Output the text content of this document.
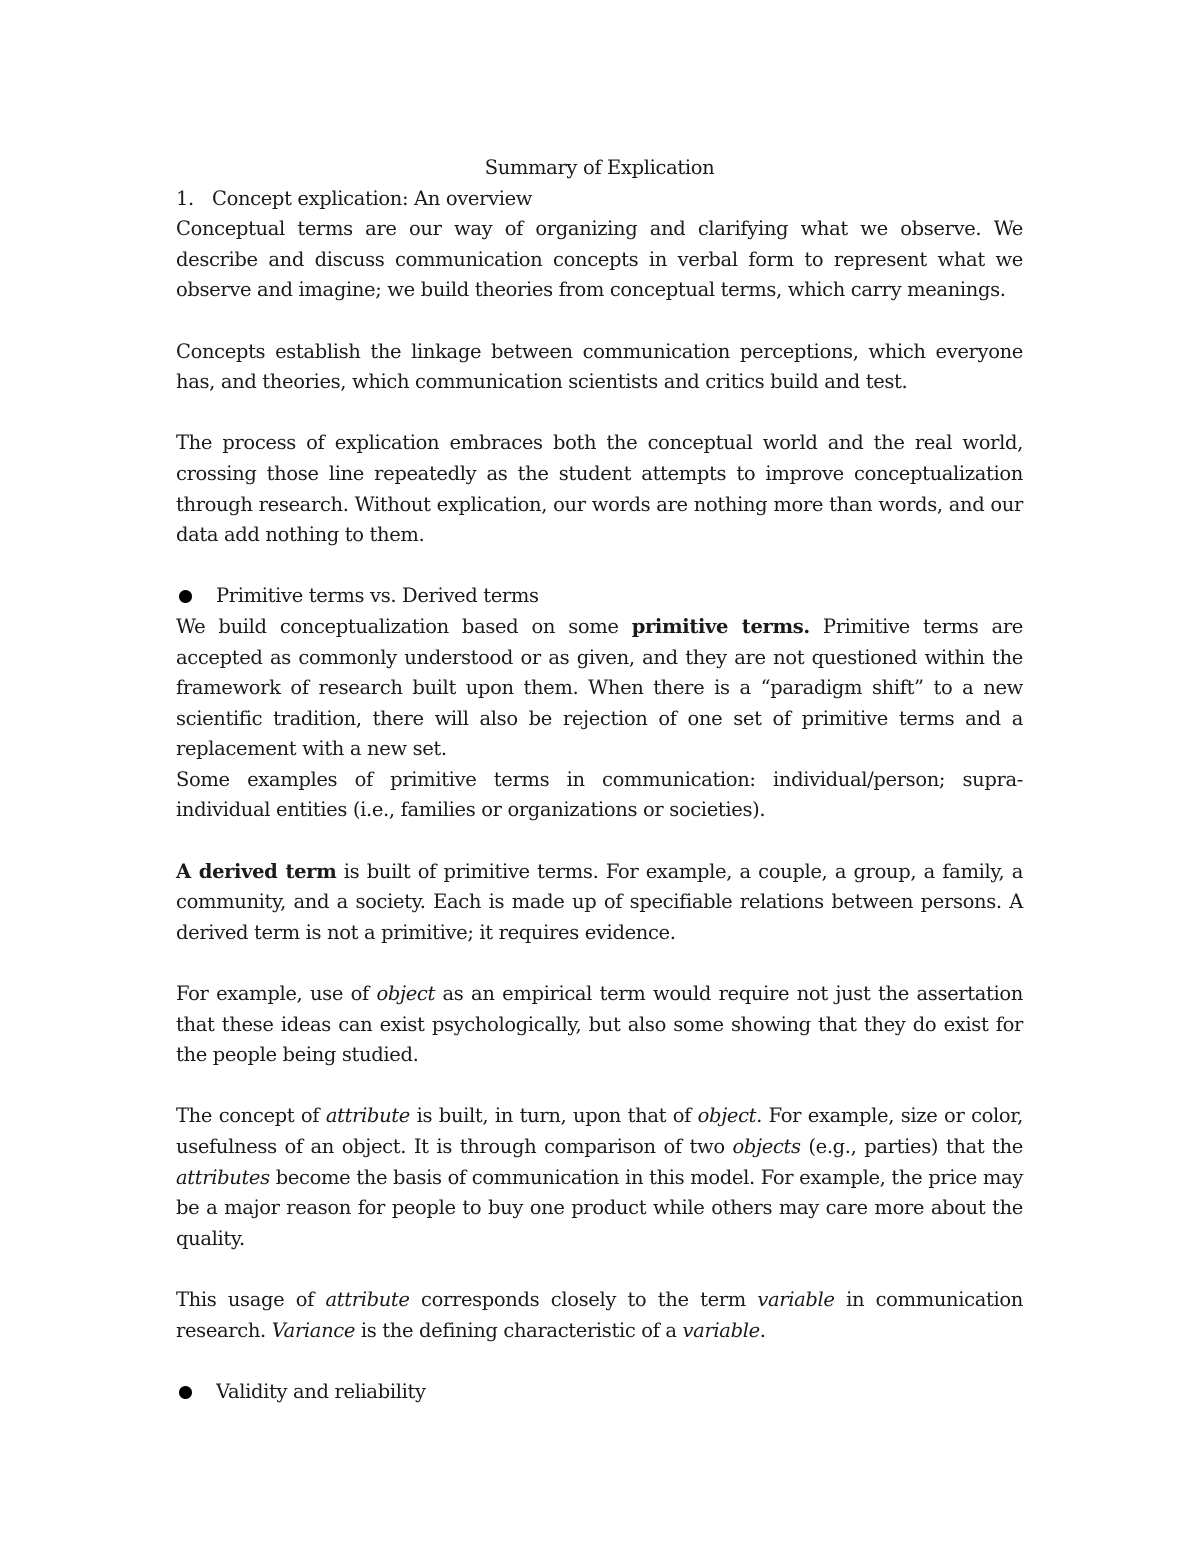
Summary of Explication

1. Concept explication: An overview

Conceptual terms are our way of organizing and clarifying what we observe. We describe and discuss communication concepts in verbal form to represent what we observe and imagine; we build theories from conceptual terms, which carry meanings.

Concepts establish the linkage between communication perceptions, which everyone has, and theories, which communication scientists and critics build and test.

The process of explication embraces both the conceptual world and the real world, crossing those line repeatedly as the student attempts to improve conceptualization through research. Without explication, our words are nothing more than words, and our data add nothing to them.

Primitive terms vs. Derived terms

We build conceptualization based on some primitive terms. Primitive terms are accepted as commonly understood or as given, and they are not questioned within the framework of research built upon them. When there is a “paradigm shift” to a new scientific tradition, there will also be rejection of one set of primitive terms and a replacement with a new set.

Some examples of primitive terms in communication: individual/person; supra-individual entities (i.e., families or organizations or societies).

A derived term is built of primitive terms. For example, a couple, a group, a family, a community, and a society. Each is made up of specifiable relations between persons. A derived term is not a primitive; it requires evidence.

For example, use of object as an empirical term would require not just the assertation that these ideas can exist psychologically, but also some showing that they do exist for the people being studied.

The concept of attribute is built, in turn, upon that of object. For example, size or color, usefulness of an object. It is through comparison of two objects (e.g., parties) that the attributes become the basis of communication in this model. For example, the price may be a major reason for people to buy one product while others may care more about the quality.

This usage of attribute corresponds closely to the term variable in communication research. Variance is the defining characteristic of a variable.

Validity and reliability
